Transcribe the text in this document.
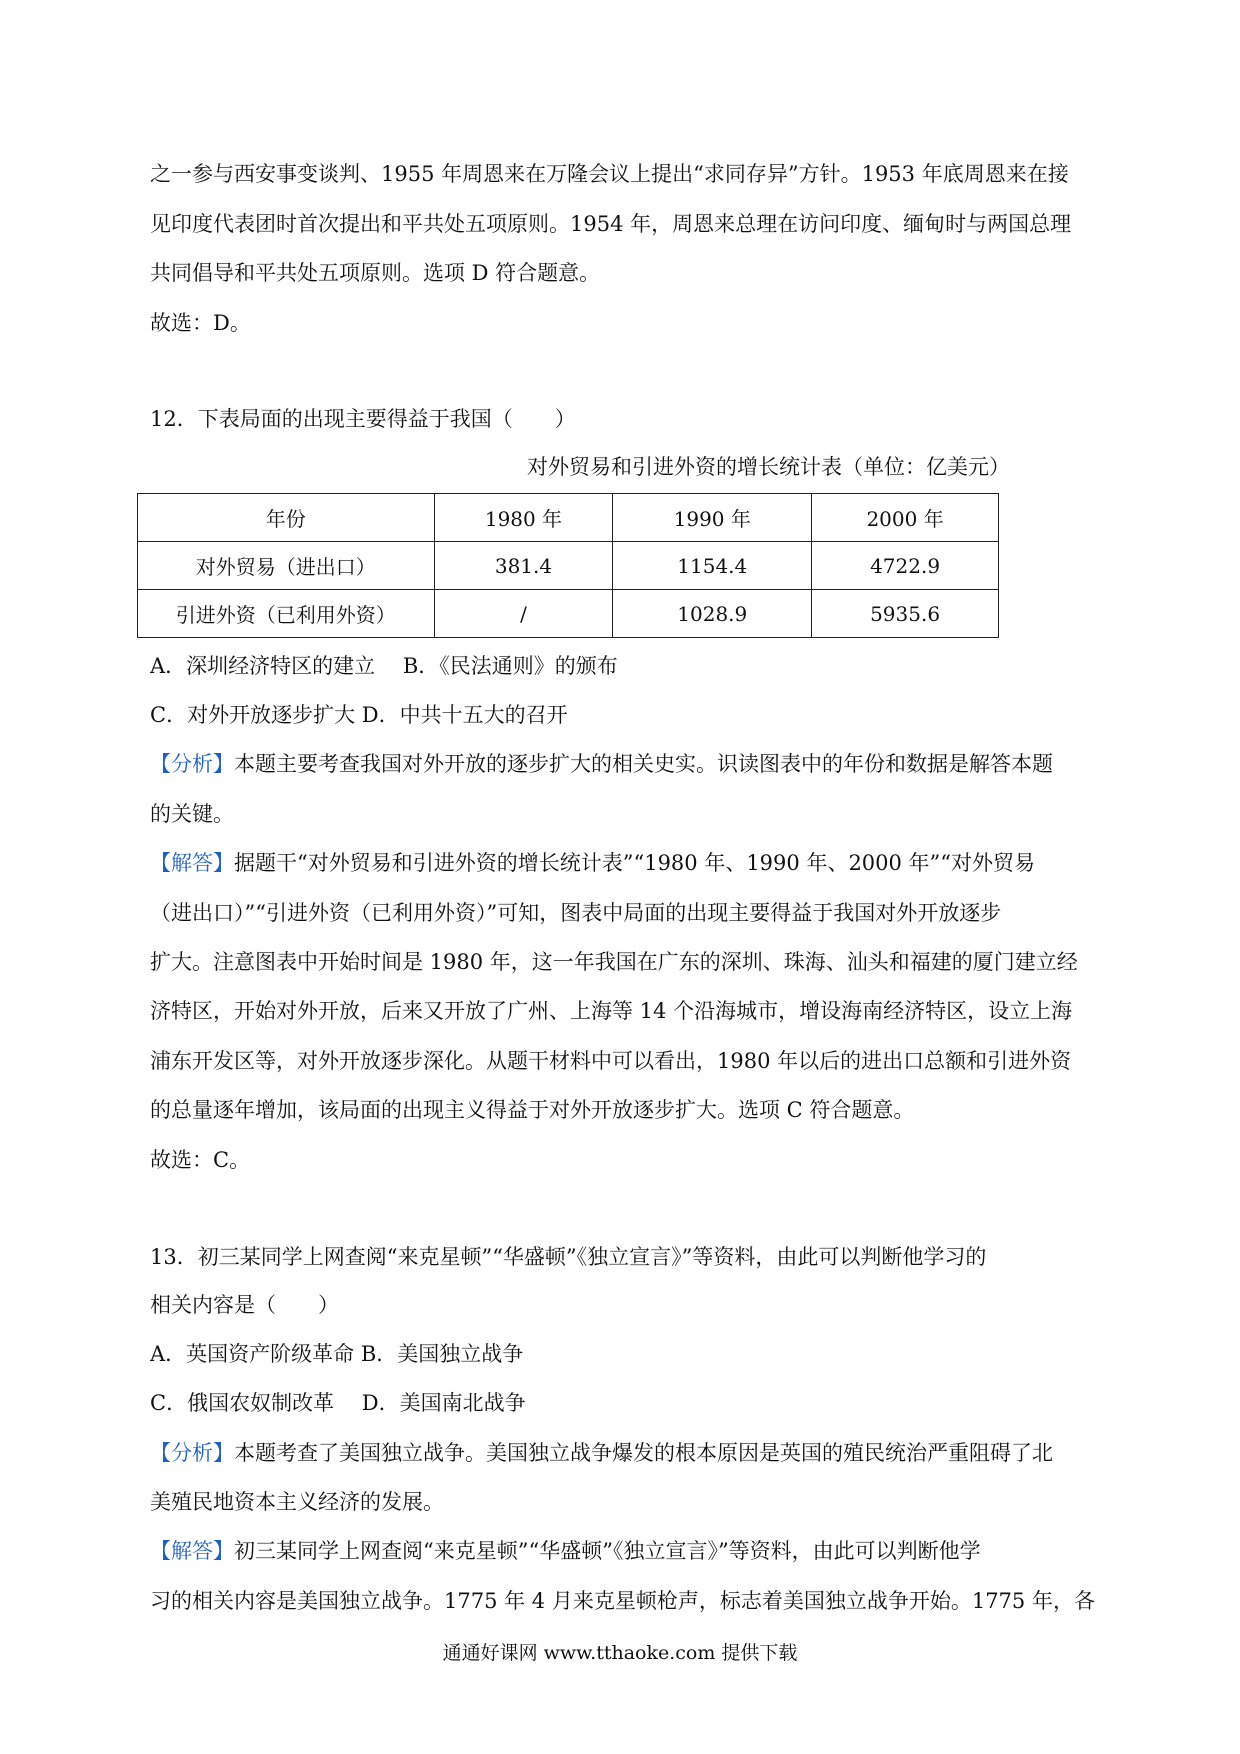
之一参与西安事变谈判、1955 年周恩来在万隆会议上提出“求同存异”方针。1953 年底周恩来在接
见印度代表团时首次提出和平共处五项原则。1954 年，周恩来总理在访问印度、缅甸时与两国总理
共同倡导和平共处五项原则。选项 D 符合题意。
故选：D。
12．下表局面的出现主要得益于我国（　　）
对外贸易和引进外资的增长统计表（单位：亿美元）
年份	1980 年	1990 年	2000 年
对外贸易（进出口）	381.4	1154.4	4722.9
引进外资（已利用外资）	/	1028.9	5935.6
A．深圳经济特区的建立　 B．《民法通则》的颁布
C．对外开放逐步扩大 D．中共十五大的召开
【分析】本题主要考查我国对外开放的逐步扩大的相关史实。识读图表中的年份和数据是解答本题
的关键。
【解答】据题干“对外贸易和引进外资的增长统计表”“1980 年、1990 年、2000 年”“对外贸易
（进出口）”“引进外资（已利用外资）”可知，图表中局面的出现主要得益于我国对外开放逐步
扩大。注意图表中开始时间是 1980 年，这一年我国在广东的深圳、珠海、汕头和福建的厦门建立经
济特区，开始对外开放，后来又开放了广州、上海等 14 个沿海城市，增设海南经济特区，设立上海
浦东开发区等，对外开放逐步深化。从题干材料中可以看出，1980 年以后的进出口总额和引进外资
的总量逐年增加，该局面的出现主义得益于对外开放逐步扩大。选项 C 符合题意。
故选：C。
13．初三某同学上网查阅“来克星顿”“华盛顿”《独立宣言》”等资料，由此可以判断他学习的
相关内容是（　　）
A．英国资产阶级革命 B．美国独立战争
C．俄国农奴制改革　 D．美国南北战争
【分析】本题考查了美国独立战争。美国独立战争爆发的根本原因是英国的殖民统治严重阻碍了北
美殖民地资本主义经济的发展。
【解答】初三某同学上网查阅“来克星顿”“华盛顿”《独立宣言》”等资料，由此可以判断他学
习的相关内容是美国独立战争。1775 年 4 月来克星顿枪声，标志着美国独立战争开始。1775 年，各
通通好课网 www.tthaoke.com 提供下载
